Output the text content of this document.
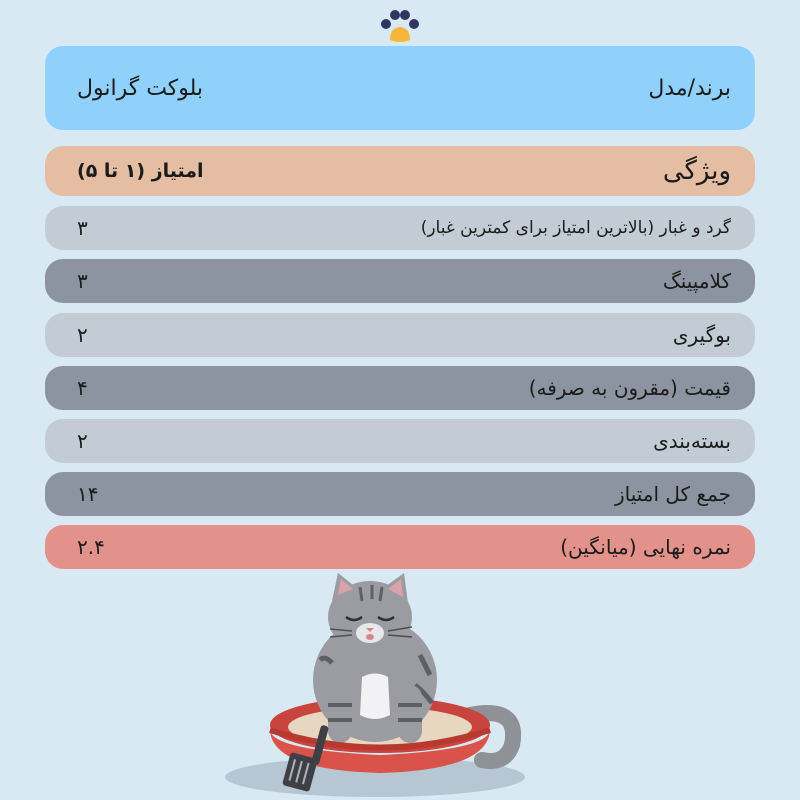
برند/مدل
بلوکت گرانول
ویژگی
امتیاز (۱ تا ۵)
گرد و غبار (بالاترین امتیاز برای کمترین غبار)
۳
کلامپینگ
۳
بوگیری
۲
قیمت (مقرون به صرفه)
۴
بسته‌بندی
۲
جمع کل امتیاز
۱۴
نمره نهایی (میانگین)
۲.۴
